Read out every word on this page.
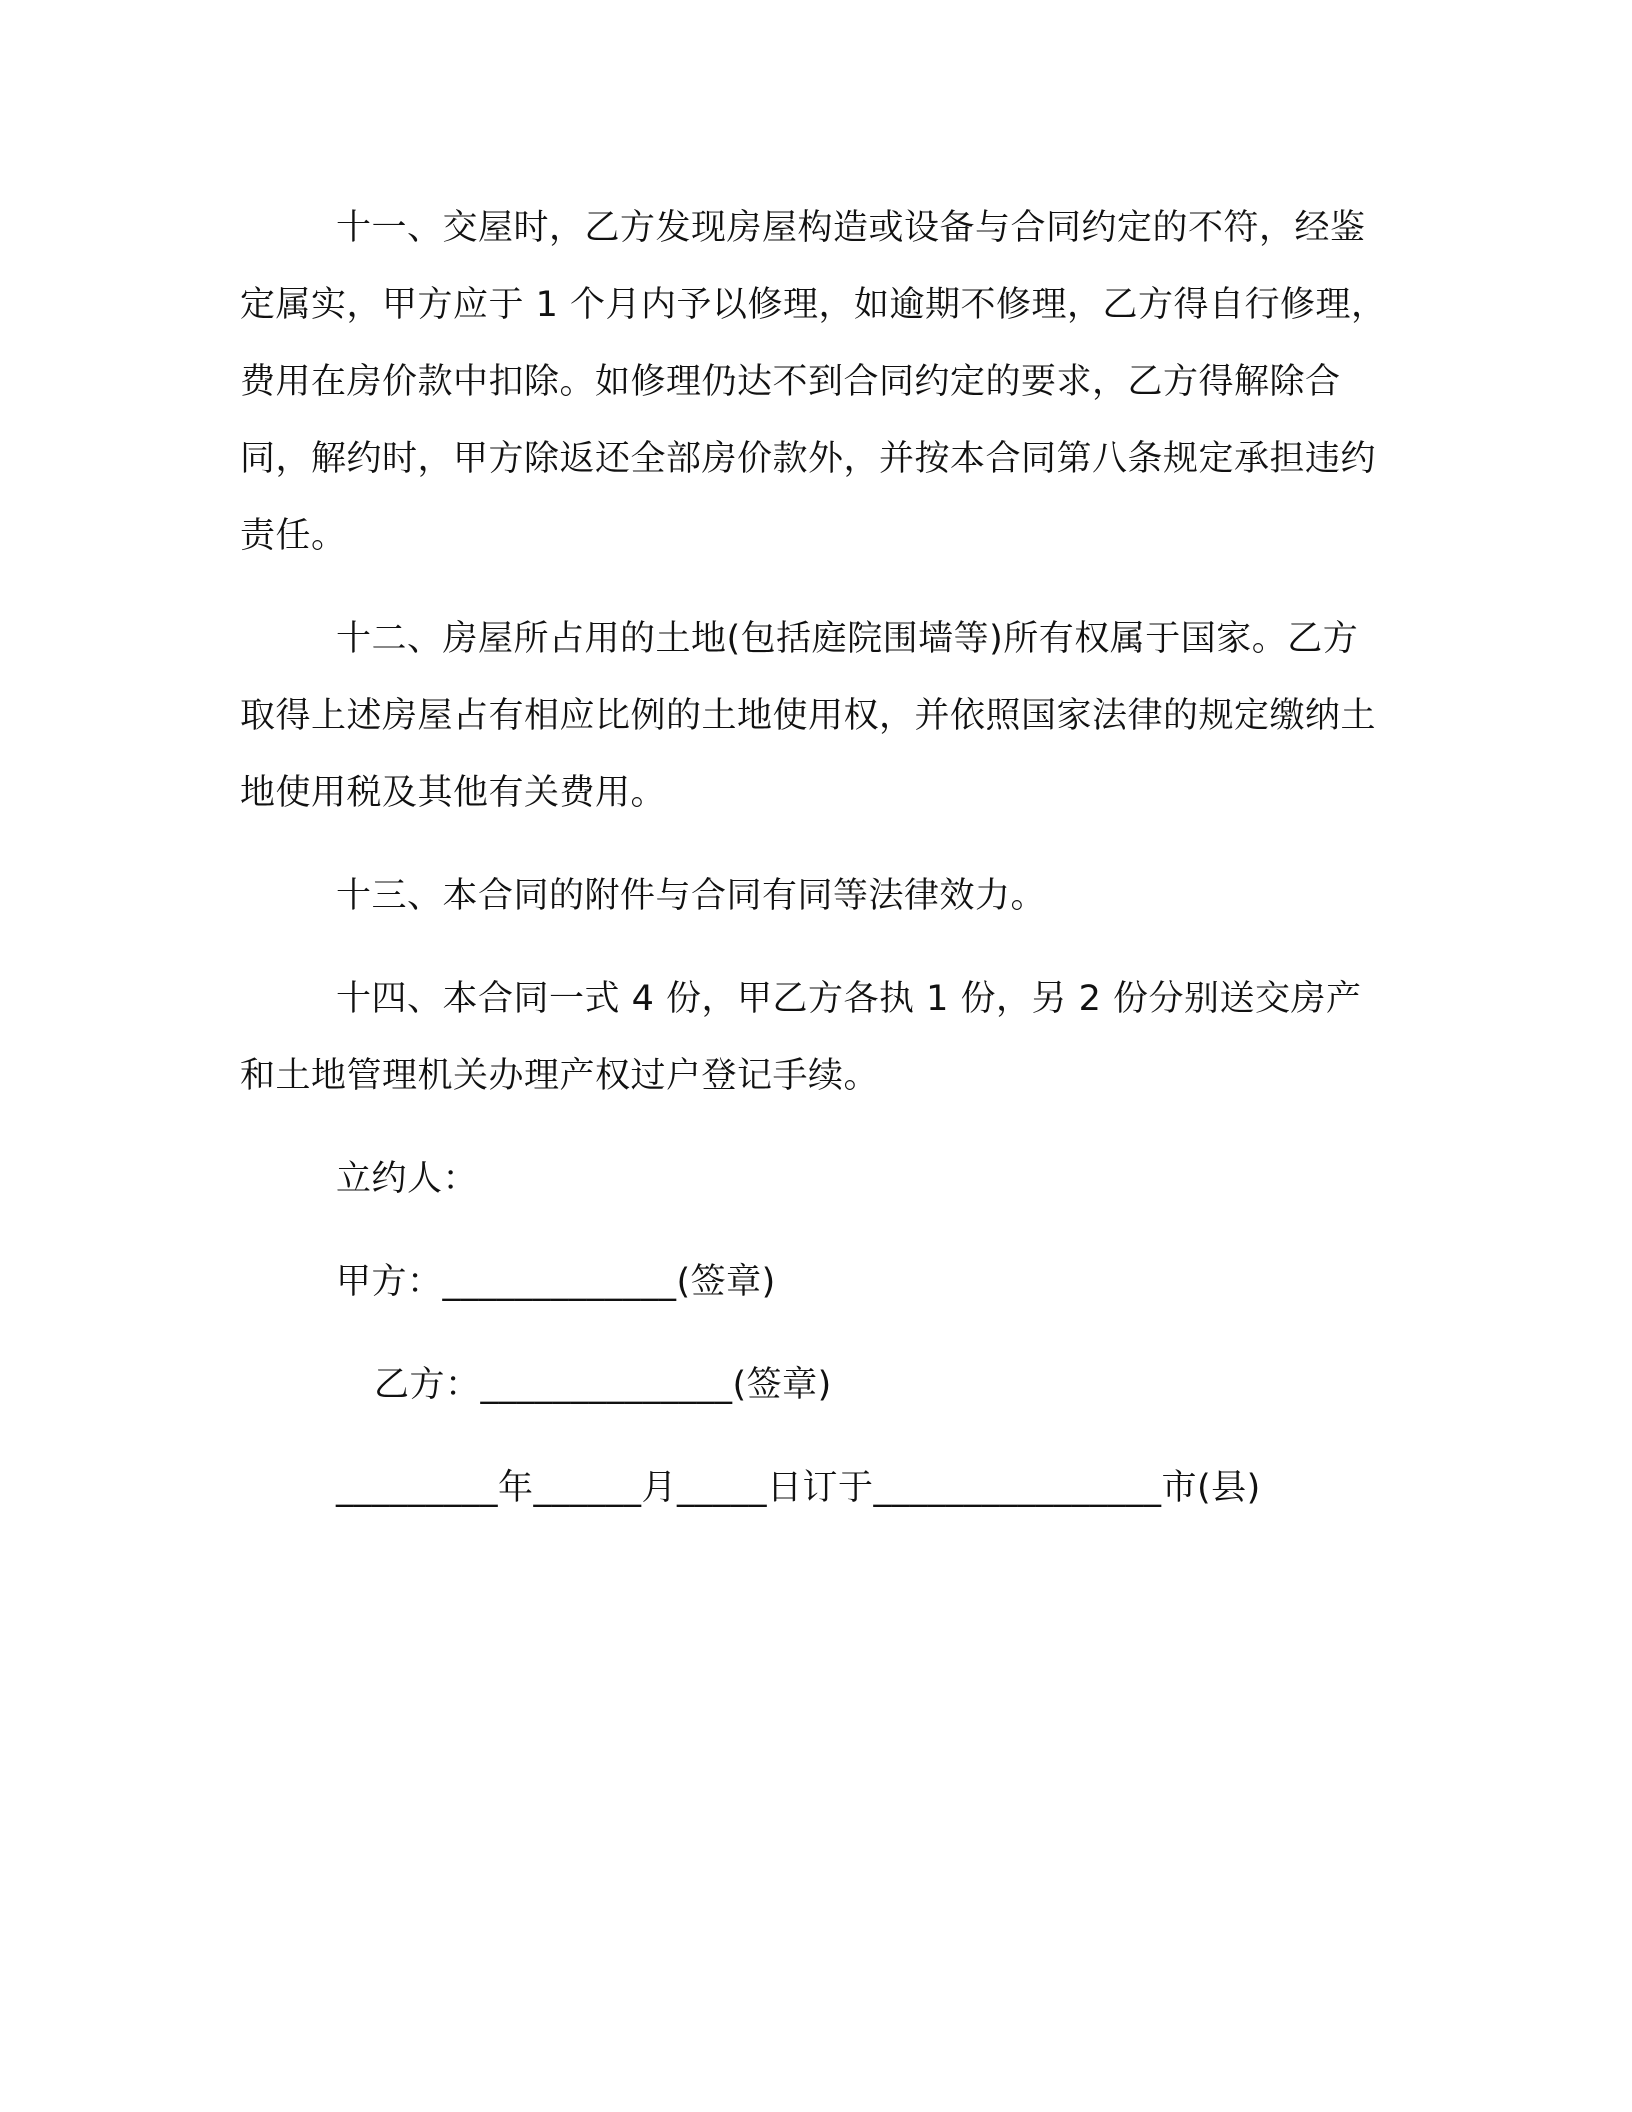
十一、交屋时，乙方发现房屋构造或设备与合同约定的不符，经鉴定属实，甲方应于 1 个月内予以修理，如逾期不修理，乙方得自行修理，费用在房价款中扣除。如修理仍达不到合同约定的要求，乙方得解除合同，解约时，甲方除返还全部房价款外，并按本合同第八条规定承担违约责任。

十二、房屋所占用的土地(包括庭院围墙等)所有权属于国家。乙方取得上述房屋占有相应比例的土地使用权，并依照国家法律的规定缴纳土地使用税及其他有关费用。

十三、本合同的附件与合同有同等法律效力。

十四、本合同一式 4 份，甲乙方各执 1 份，另 2 份分别送交房产和土地管理机关办理产权过户登记手续。

立约人：
甲方：_____________(签章)
乙方：______________(签章)
_________年______月_____日订于________________市(县)
